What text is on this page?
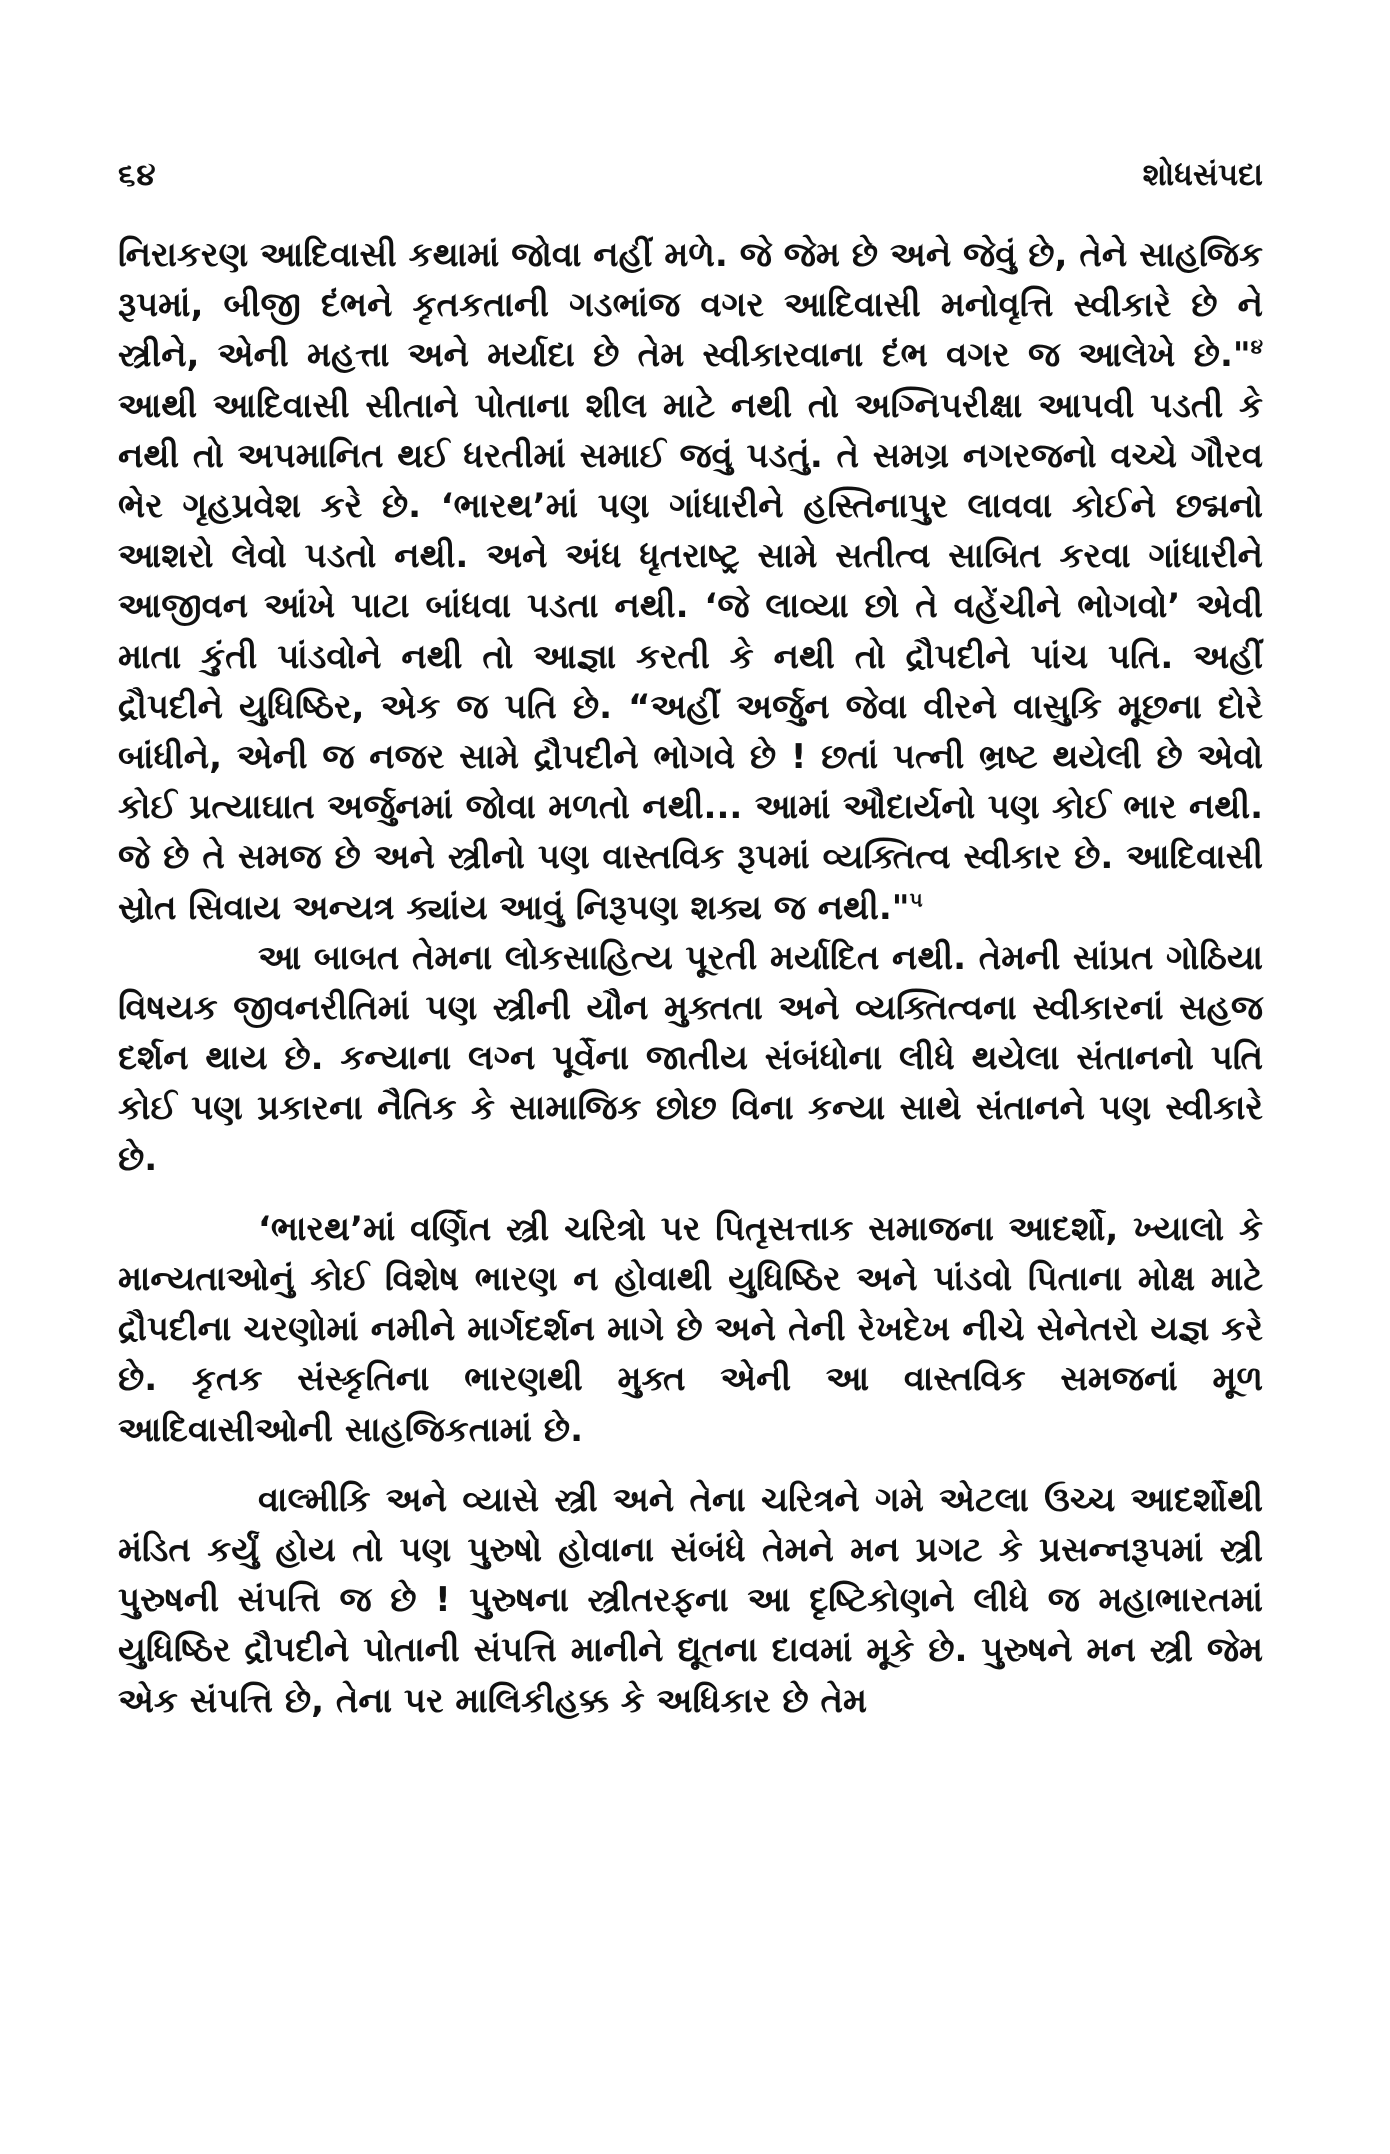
૬૪	શોધસંપદા

નિરાકરણ આદિવાસી કથામાં જોવા નહીં મળે. જે જેમ છે અને જેવું છે, તેને સાહજિક રૂપમાં, બીજી દંભને કૃતકતાની ગડભાંજ વગર આદિવાસી મનોવૃત્તિ સ્વીકારે છે ને સ્ત્રીને, એની મહત્તા અને મર્યાદા છે તેમ સ્વીકારવાના દંભ વગર જ આલેખે છે."$^૪$ આથી આદિવાસી સીતાને પોતાના શીલ માટે નથી તો અગ્નિપરીક્ષા આપવી પડતી કે નથી તો અપમાનિત થઈ ધરતીમાં સમાઈ જવું પડતું. તે સમગ્ર નગરજનો વચ્ચે ગૌરવ ભેર ગૃહપ્રવેશ કરે છે. ‘ભારથ’માં પણ ગાંધારીને હસ્તિનાપુર લાવવા કોઈને છદ્મનો આશરો લેવો પડતો નથી. અને અંધ ધૃતરાષ્ટ્ર સામે સતીત્વ સાબિત કરવા ગાંધારીને આજીવન આંખે પાટા બાંધવા પડતા નથી. ‘જે લાવ્યા છો તે વહેંચીને ભોગવો’ એવી માતા કુંતી પાંડવોને નથી તો આજ્ઞા કરતી કે નથી તો દ્રૌપદીને પાંચ પતિ. અહીં દ્રૌપદીને યુધિષ્ઠિર, એક જ પતિ છે. “અહીં અર્જુન જેવા વીરને વાસુકિ મૂછના દોરે બાંધીને, એની જ નજર સામે દ્રૌપદીને ભોગવે છે ! છતાં પત્ની ભ્રષ્ટ થયેલી છે એવો કોઈ પ્રત્યાઘાત અર્જુનમાં જોવા મળતો નથી... આમાં ઔદાર્યનો પણ કોઈ ભાર નથી. જે છે તે સમજ છે અને સ્ત્રીનો પણ વાસ્તવિક રૂપમાં વ્યક્તિત્વ સ્વીકાર છે. આદિવાસી સ્રોત સિવાય અન્યત્ર ક્યાંય આવું નિરૂપણ શક્ય જ નથી."$^૫$

આ બાબત તેમના લોકસાહિત્ય પૂરતી મર્યાદિત નથી. તેમની સાંપ્રત ગોઠિયા વિષયક જીવનરીતિમાં પણ સ્ત્રીની યૌન મુક્તતા અને વ્યક્તિત્વના સ્વીકારનાં સહજ દર્શન થાય છે. કન્યાના લગ્ન પૂર્વેના જાતીય સંબંધોના લીધે થયેલા સંતાનનો પતિ કોઈ પણ પ્રકારના નૈતિક કે સામાજિક છોછ વિના કન્યા સાથે સંતાનને પણ સ્વીકારે છે.

‘ભારથ’માં વર્ણિત સ્ત્રી ચરિત્રો પર પિતૃસત્તાક સમાજના આદર્શો, ખ્યાલો કે માન્યતાઓનું કોઈ વિશેષ ભારણ ન હોવાથી યુધિષ્ઠિર અને પાંડવો પિતાના મોક્ષ માટે દ્રૌપદીના ચરણોમાં નમીને માર્ગદર્શન માગે છે અને તેની રેખદેખ નીચે સેનેતરો યજ્ઞ કરે છે. કૃતક સંસ્કૃતિના ભારણથી મુક્ત એની આ વાસ્તવિક સમજનાં મૂળ આદિવાસીઓની સાહજિકતામાં છે.

વાલ્મીકિ અને વ્યાસે સ્ત્રી અને તેના ચરિત્રને ગમે એટલા ઉચ્ચ આદર્શોથી મંડિત કર્યું હોય તો પણ પુરુષો હોવાના સંબંધે તેમને મન પ્રગટ કે પ્રસન્નરૂપમાં સ્ત્રી પુરુષની સંપત્તિ જ છે ! પુરુષના સ્ત્રીતરફના આ દૃષ્ટિકોણને લીધે જ મહાભારતમાં યુધિષ્ઠિર દ્રૌપદીને પોતાની સંપત્તિ માનીને દ્યૂતના દાવમાં મૂકે છે. પુરુષને મન સ્ત્રી જેમ એક સંપત્તિ છે, તેના પર માલિકીહક્ક કે અધિકાર છે તેમ
